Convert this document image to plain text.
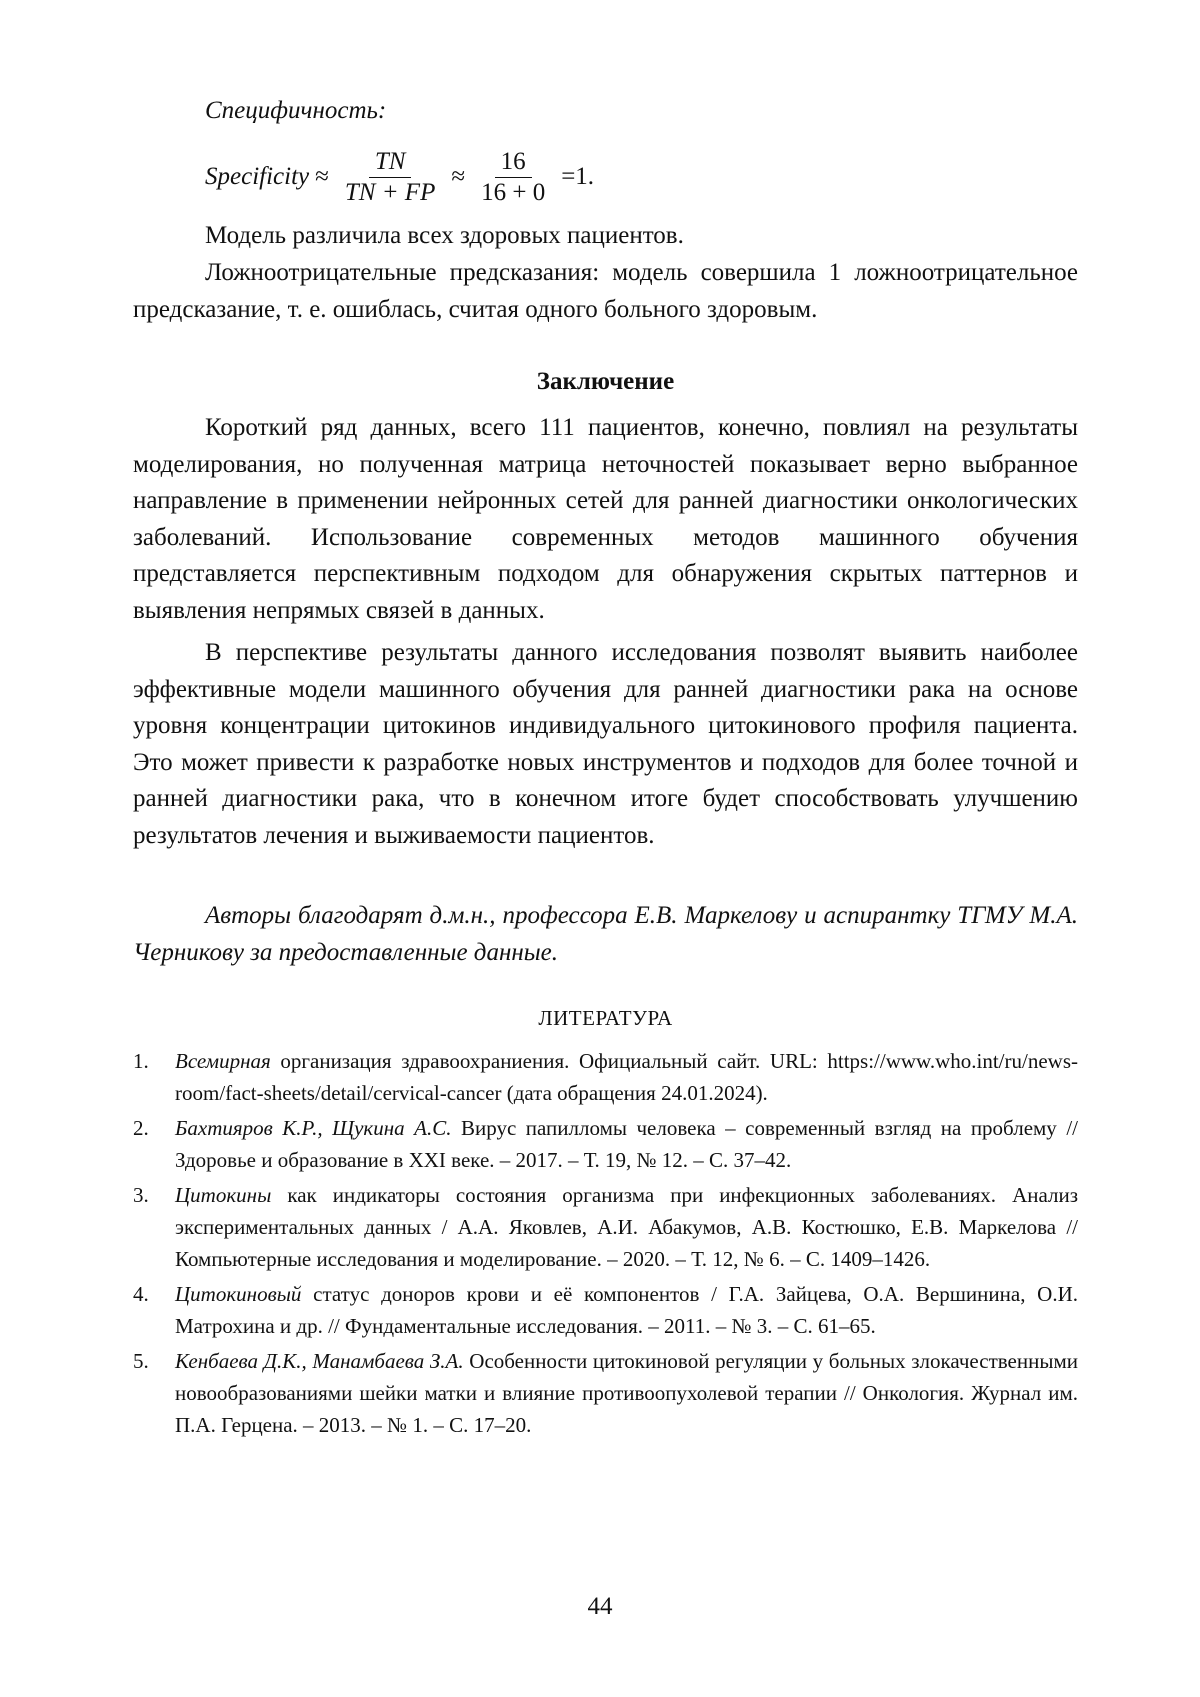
Специфичность:
Specificity ≈ $\frac{TN}{TN + FP} \approx \frac{16}{16 + 0} =1$.
Модель различила всех здоровых пациентов.
Ложноотрицательные предсказания: модель совершила 1 ложноотрицательное предсказание, т. е. ошиблась, считая одного больного здоровым.
Заключение
Короткий ряд данных, всего 111 пациентов, конечно, повлиял на результаты моделирования, но полученная матрица неточностей показывает верно выбранное направление в применении нейронных сетей для ранней диагностики онкологических заболеваний. Использование современных методов машинного обучения представляется перспективным подходом для обнаружения скрытых паттернов и выявления непрямых связей в данных.
В перспективе результаты данного исследования позволят выявить наиболее эффективные модели машинного обучения для ранней диагностики рака на основе уровня концентрации цитокинов индивидуального цитокинового профиля пациента. Это может привести к разработке новых инструментов и подходов для более точной и ранней диагностики рака, что в конечном итоге будет способствовать улучшению результатов лечения и выживаемости пациентов.
Авторы благодарят д.м.н., профессора Е.В. Маркелову и аспирантку ТГМУ М.А. Черникову за предоставленные данные.
ЛИТЕРАТУРА
1.	Всемирная организация здравоохраниения. Официальный сайт. URL: https://www.who.int/ru/news-room/fact-sheets/detail/cervical-cancer (дата обращения 24.01.2024).
2.	Бахтияров К.Р., Щукина А.С. Вирус папилломы человека – современный взгляд на проблему // Здоровье и образование в XXI веке. – 2017. – Т. 19, № 12. – С. 37–42.
3.	Цитокины как индикаторы состояния организма при инфекционных заболеваниях. Анализ экспериментальных данных / А.А. Яковлев, А.И. Абакумов, А.В. Костюшко, Е.В. Маркелова // Компьютерные исследования и моделирование. – 2020. – Т. 12, № 6. – С. 1409–1426.
4.	Цитокиновый статус доноров крови и её компонентов / Г.А. Зайцева, О.А. Вершинина, О.И. Матрохина и др. // Фундаментальные исследования. – 2011. – № 3. – С. 61–65.
5.	Кенбаева Д.К., Манамбаева З.А. Особенности цитокиновой регуляции у больных злокачественными новообразованиями шейки матки и влияние противоопухолевой терапии // Онкология. Журнал им. П.А. Герцена. – 2013. – № 1. – С. 17–20.
44
